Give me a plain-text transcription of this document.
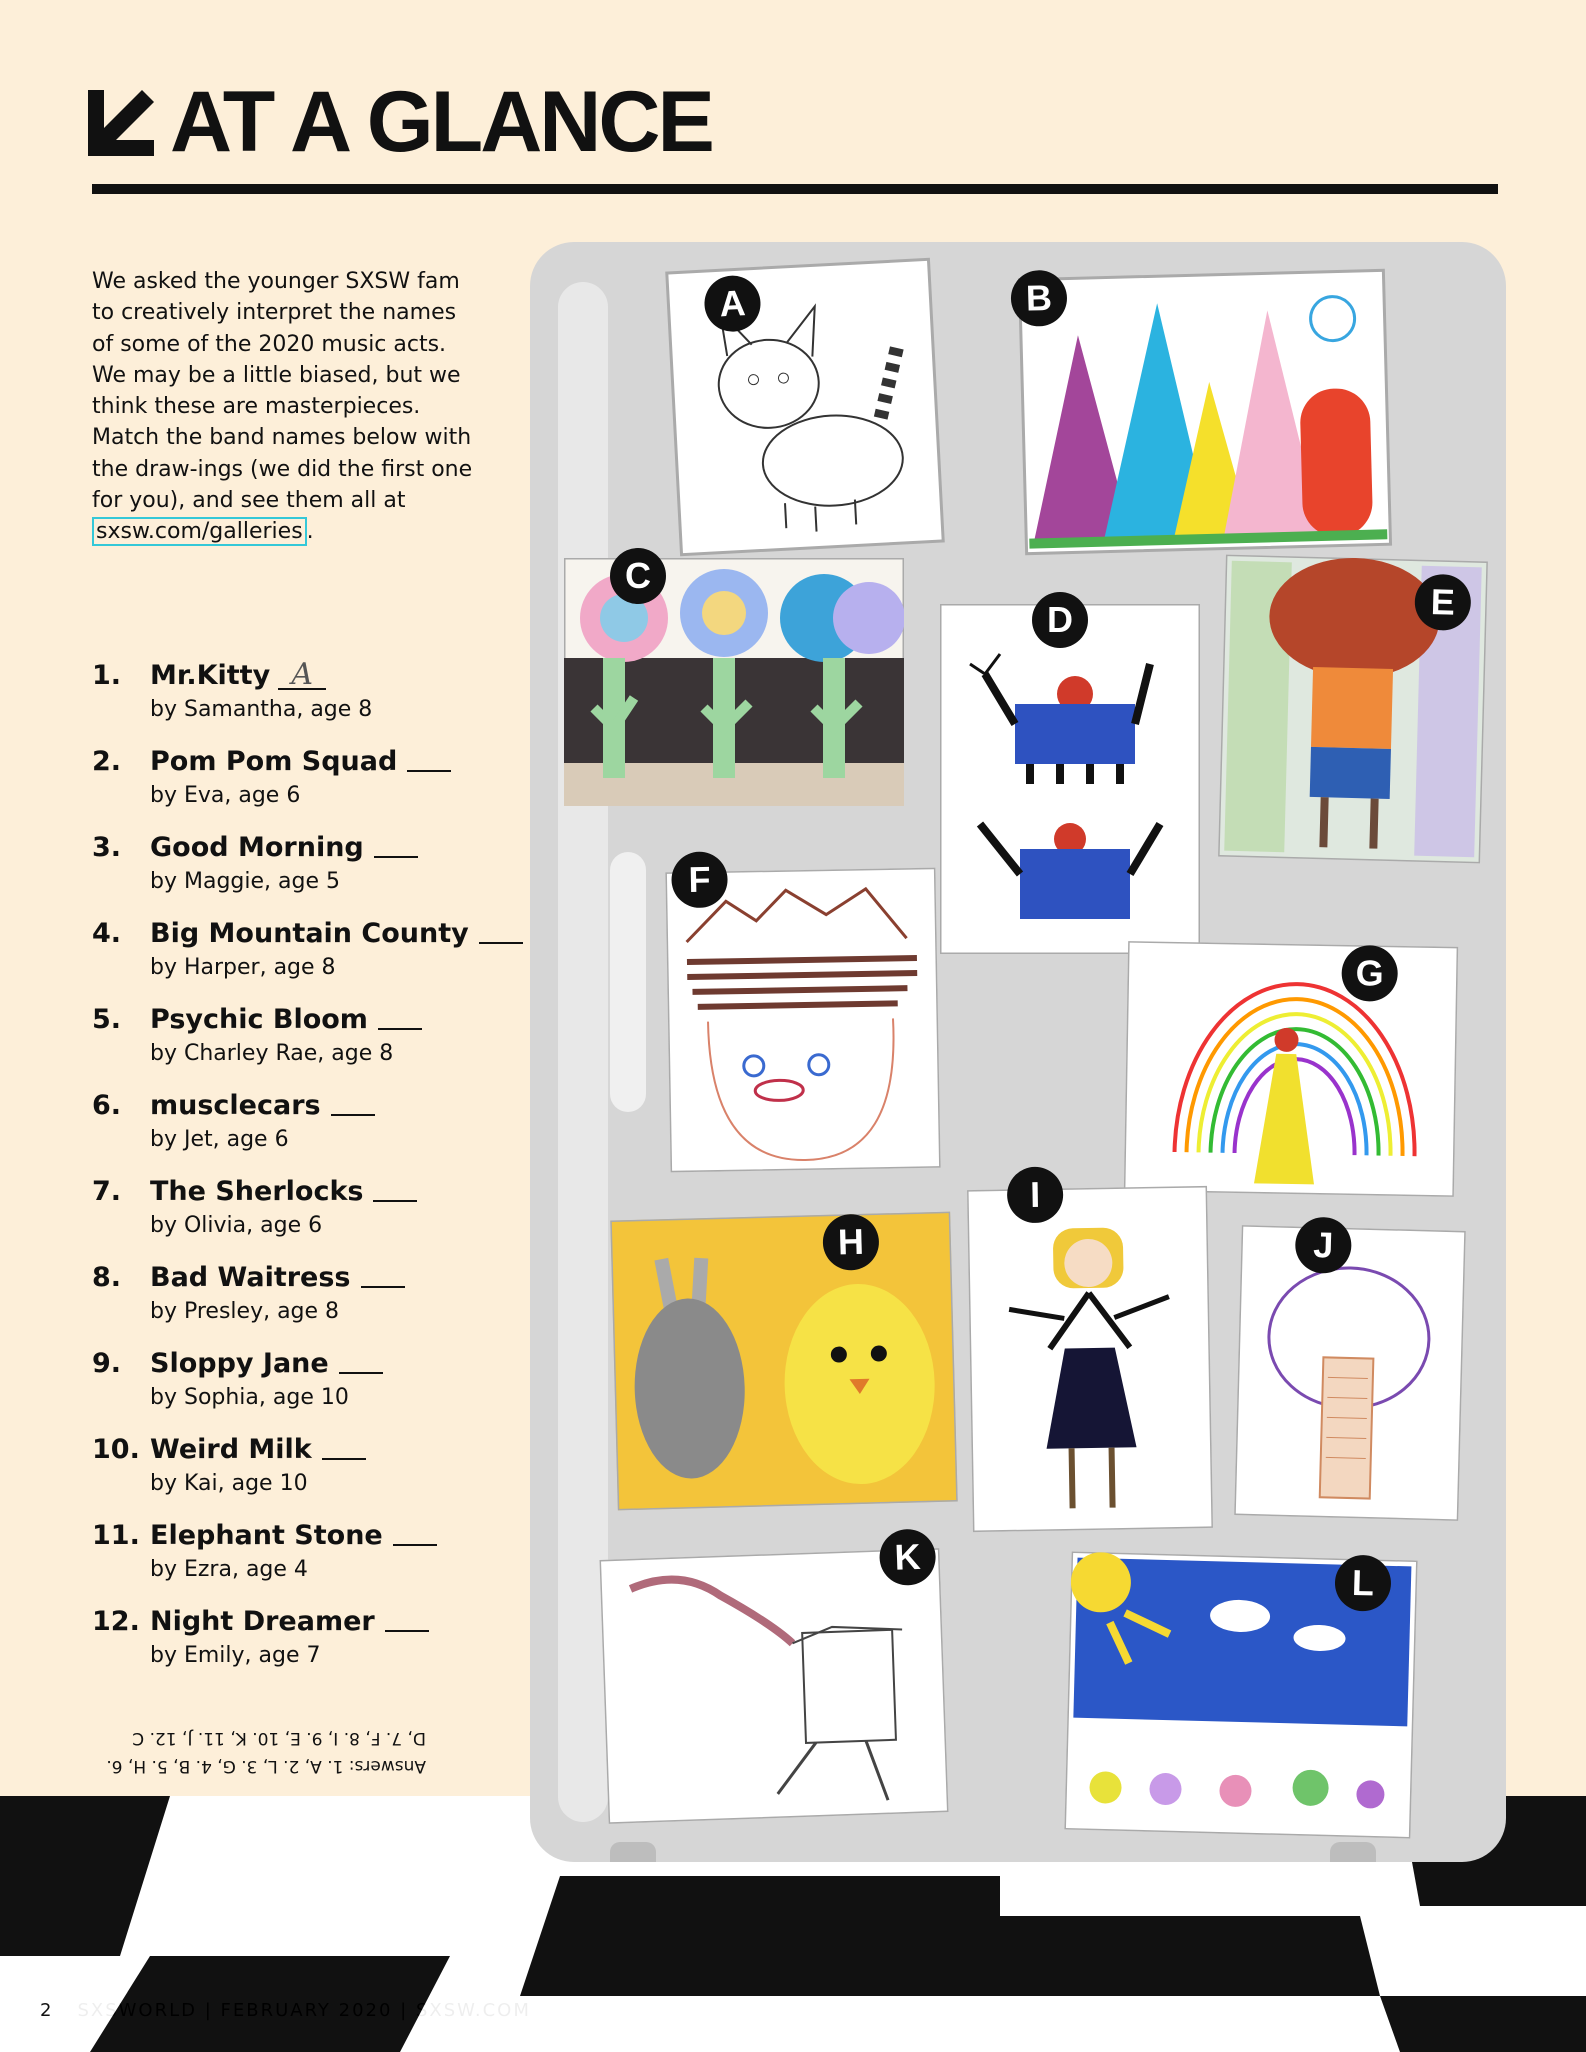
AT A GLANCE
We asked the younger SXSW fam to creatively interpret the names of some of the 2020 music acts. We may be a little biased, but we think these are masterpieces. Match the band names below with the draw-ings (we did the first one for you), and see them all at sxsw.com/galleries .
1. Mr.Kitty A
by Samantha, age 8
2. Pom Pom Squad
by Eva, age 6
3. Good Morning
by Maggie, age 5
4. Big Mountain County
by Harper, age 8
5. Psychic Bloom
by Charley Rae, age 8
6. musclecars
by Jet, age 6
7. The Sherlocks
by Olivia, age 6
8. Bad Waitress
by Presley, age 8
9. Sloppy Jane
by Sophia, age 10
10. Weird Milk
by Kai, age 10
11. Elephant Stone
by Ezra, age 4
12. Night Dreamer
by Emily, age 7
Answers: 1. A, 2. L, 3. G, 4. B, 5. H, 6. D, 7. F, 8. I, 9. E, 10. K, 11. J, 12. C
A	B
C
D	E
F
G
H
I
J
K
L
2 SXSWORLD | FEBRUARY 2020 | SXSW.COM
